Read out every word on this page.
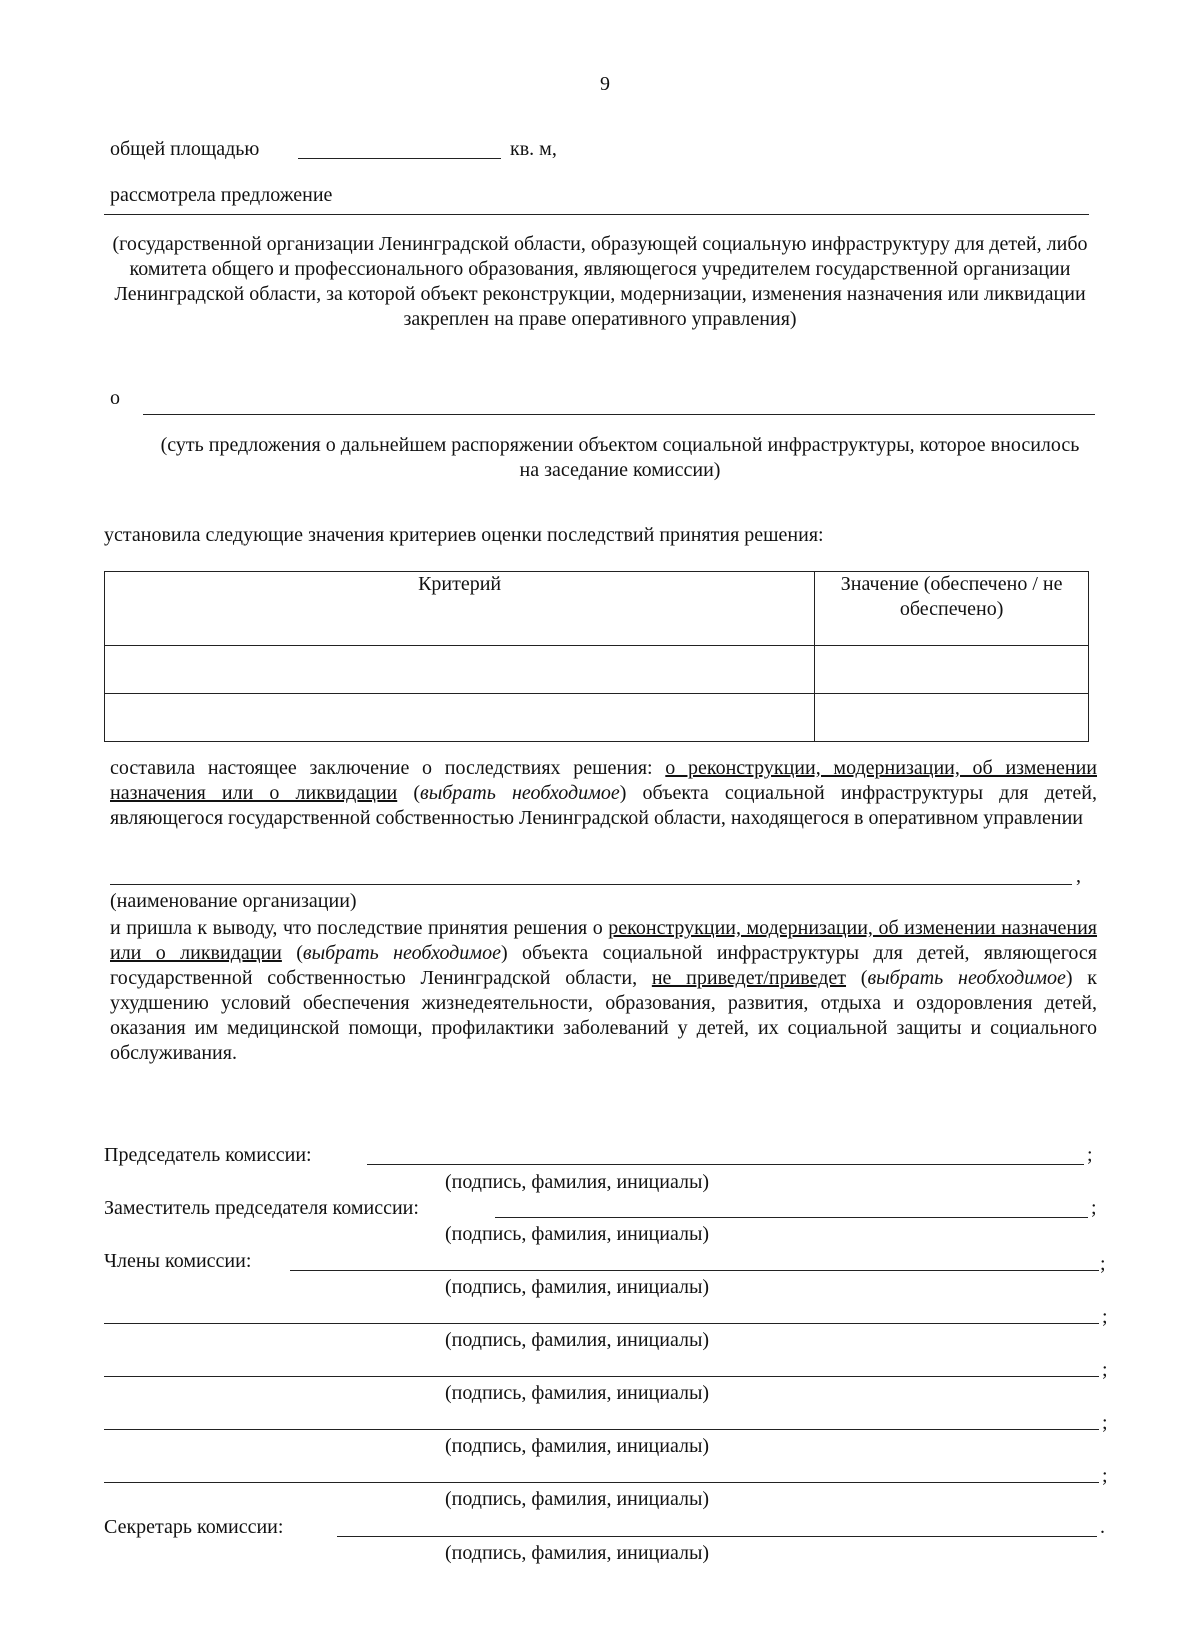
9
общей площадью	кв. м,
рассмотрела предложение
(государственной организации Ленинградской области, образующей социальную инфраструктуру для детей, либо комитета общего и профессионального образования, являющегося учредителем государственной организации Ленинградской области, за которой объект реконструкции, модернизации, изменения назначения или ликвидации закреплен на праве оперативного управления)
о
(суть предложения о дальнейшем распоряжении объектом социальной инфраструктуры, которое вносилось на заседание комиссии)
установила следующие значения критериев оценки последствий принятия решения:
Критерий	Значение (обеспечено / не обеспечено)

составила настоящее заключение о последствиях решения: о реконструкции, модернизации, об изменении назначения или о ликвидации (выбрать необходимое) объекта социальной инфраструктуры для детей, являющегося государственной собственностью Ленинградской области, находящегося в оперативном управлении
,
(наименование организации)
и пришла к выводу, что последствие принятия решения о реконструкции, модернизации, об изменении назначения или о ликвидации (выбрать необходимое) объекта социальной инфраструктуры для детей, являющегося государственной собственностью Ленинградской области, не приведет/приведет (выбрать необходимое) к ухудшению условий обеспечения жизнедеятельности, образования, развития, отдыха и оздоровления детей, оказания им медицинской помощи, профилактики заболеваний у детей, их социальной защиты и социального обслуживания.
Председатель комиссии:	;
(подпись, фамилия, инициалы)
Заместитель председателя комиссии:	;
(подпись, фамилия, инициалы)
Члены комиссии:	;
(подпись, фамилия, инициалы)
;
(подпись, фамилия, инициалы)
;
(подпись, фамилия, инициалы)
;
(подпись, фамилия, инициалы)
;
(подпись, фамилия, инициалы)
Секретарь комиссии:	.
(подпись, фамилия, инициалы)
